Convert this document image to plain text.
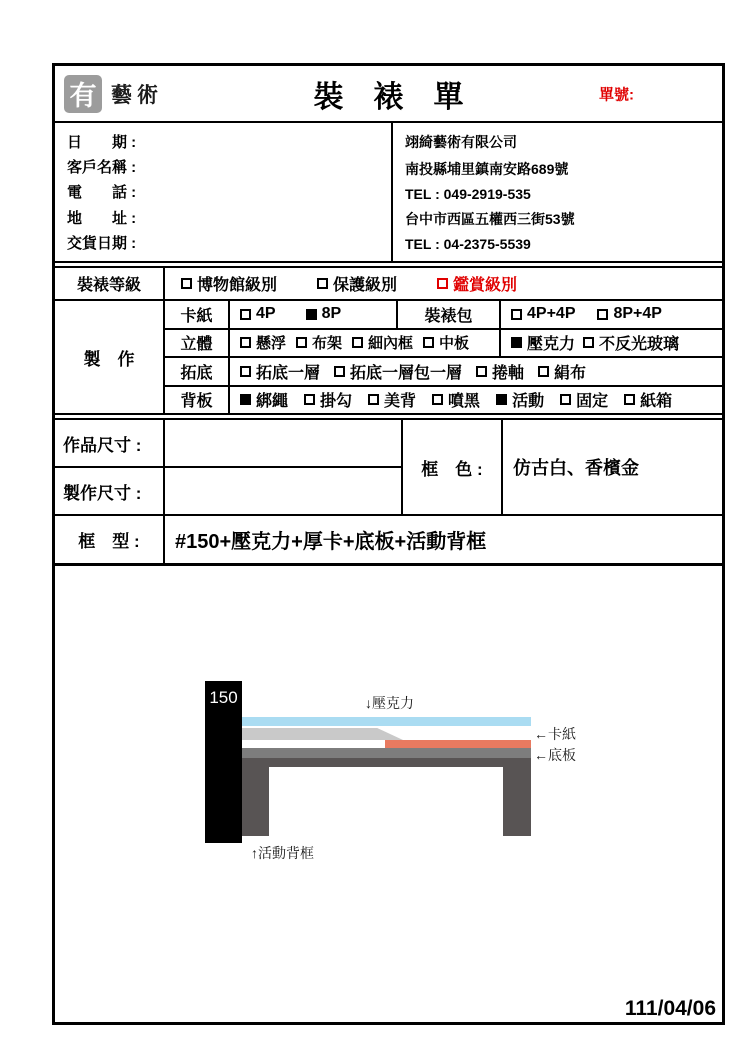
有 藝術	裝　裱　單	單號:
日　　期 :
客戶名稱 :
電　　話 :
地　　址 :
交貨日期 :
翊綺藝術有限公司
南投縣埔里鎮南安路689號
TEL : 049-2919-535
台中市西區五權西三街53號
TEL : 04-2375-5539
裝裱等級	博物館級別	保護級別	鑑賞級別
製　作
卡紙	4P	8P	裝裱包	4P+4P 8P+4P
立體	懸浮 布架 細內框 中板	壓克力 不反光玻璃
拓底	拓底一層 拓底一層包一層 捲軸 絹布
背板	綁繩 掛勾 美背 噴黑 活動 固定 紙箱
作品尺寸 :
製作尺寸 :
框　色 :	仿古白、香檳金
框　型 :	#150+壓克力+厚卡+底板+活動背框
150	↓壓克力
←卡紙
←底板
↑活動背框
111/04/06
